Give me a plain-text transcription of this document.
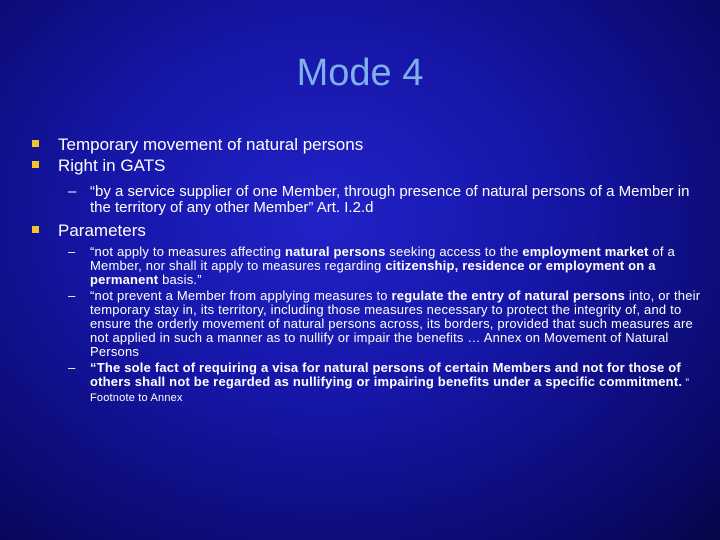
Mode 4
Temporary movement of natural persons
Right in GATS
– “by a service supplier of one Member, through presence of natural persons of a Member in the territory of any other Member” Art. I.2.d
Parameters
– “not apply to measures affecting natural persons seeking access to the employment market of a Member, nor shall it apply to measures regarding citizenship, residence or employment on a permanent basis.”
– “not prevent a Member from applying measures to regulate the entry of natural persons into, or their temporary stay in, its territory, including those measures necessary to protect the integrity of, and to ensure the orderly movement of natural persons across, its borders, provided that such measures are not applied in such a manner as to nullify or impair the benefits … Annex on Movement of Natural Persons
– “The sole fact of requiring a visa for natural persons of certain Members and not for those of others shall not be regarded as nullifying or impairing benefits under a specific commitment. ” Footnote to Annex
